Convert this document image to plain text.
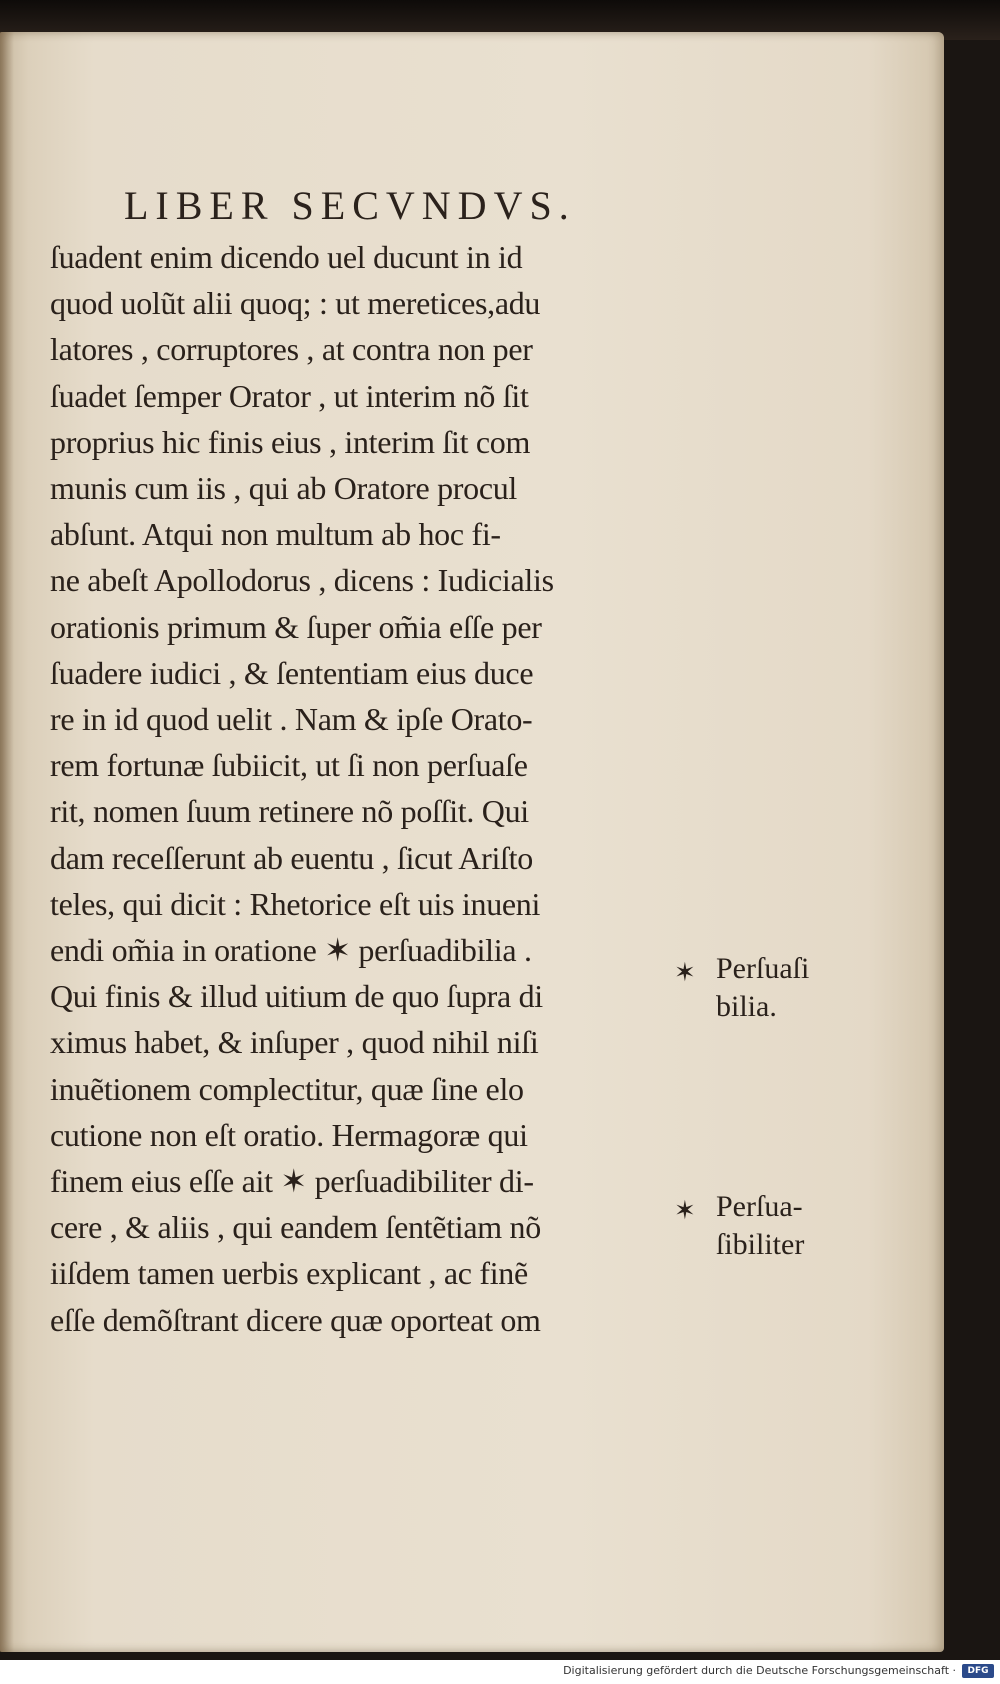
LIBER SECVNDVS.
ſuadent enim dicendo uel ducunt in id
quod uolũt alii quoq; : ut meretices,adu
latores , corruptores , at contra non per
ſuadet ſemper Orator , ut interim nõ ſit
proprius hic finis eius , interim ſit com
munis cum iis , qui ab Oratore procul
abſunt. Atqui non multum ab hoc fi-
ne abeſt Apollodorus , dicens : Iudicialis
orationis primum & ſuper om̃ia eſſe per
ſuadere iudici , & ſententiam eius duce
re in id quod uelit . Nam & ipſe Orato-
rem fortunæ ſubiicit, ut ſi non perſuaſe
rit, nomen ſuum retinere nõ poſſit. Qui
dam receſſerunt ab euentu , ſicut Ariſto
teles, qui dicit : Rhetorice eſt uis inueni
endi om̃ia in oratione ✶ perſuadibilia .
Qui finis & illud uitium de quo ſupra di
ximus habet, & inſuper , quod nihil niſi
inuẽtionem complectitur, quæ ſine elo
cutione non eſt oratio. Hermagoræ qui
finem eius eſſe ait ✶ perſuadibiliter di-
cere , & aliis , qui eandem ſentẽtiam nõ
iiſdem tamen uerbis explicant , ac finẽ
eſſe demõſtrant dicere quæ oporteat om
✶ Perſuaſi
bilia.
✶ Perſua-
ſibiliter
Digitalisierung gefördert durch die Deutsche Forschungsgemeinschaft ·	DFG
